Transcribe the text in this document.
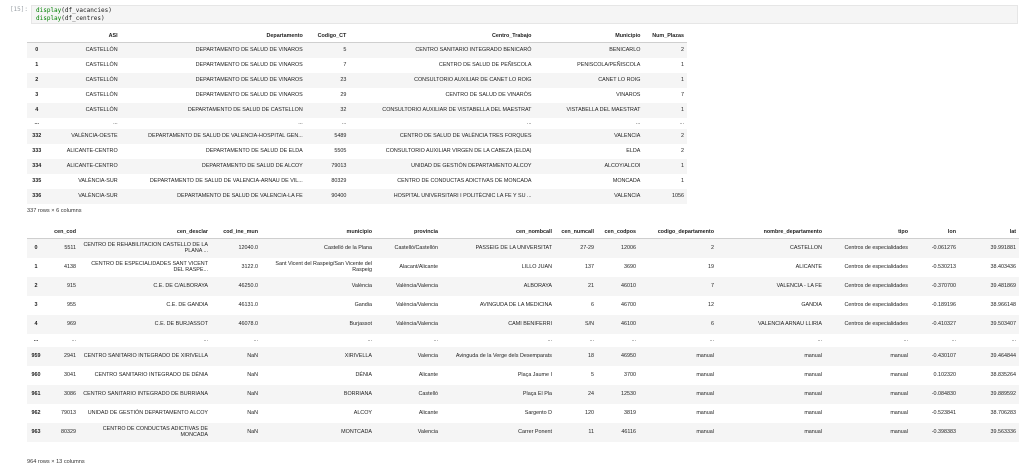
[15]: display(df_vacancies)
display(df_centres)
	ASI	Departamento	Codigo_CT	Centro_Trabajo	Municipio	Num_Plazas
0	CASTELLÓN	DEPARTAMENTO DE SALUD DE VINAROS	5	CENTRO SANITARIO INTEGRADO BENICARÓ	BENICARLO	2
1	CASTELLÓN	DEPARTAMENTO DE SALUD DE VINAROS	7	CENTRO DE SALUD DE PEÑISCOLA	PENISCOLA/PEÑISCOLA	1
2	CASTELLÓN	DEPARTAMENTO DE SALUD DE VINAROS	23	CONSULTORIO AUXILIAR DE CANET LO ROIG	CANET LO ROIG	1
3	CASTELLÓN	DEPARTAMENTO DE SALUD DE VINAROS	29	CENTRO DE SALUD DE VINARÒS	VINAROS	7
4	CASTELLÓN	DEPARTAMENTO DE SALUD DE CASTELLON	32	CONSULTORIO AUXILIAR DE VISTABELLA DEL MAESTRAT	VISTABELLA DEL MAESTRAT	1
...	...	...	...	...	...	...
332	VALÈNCIA-OESTE	DEPARTAMENTO DE SALUD DE VALENCIA-HOSPITAL GEN...	5489	CENTRO DE SALUD DE VALÈNCIA TRES FORQUES	VALENCIA	2
333	ALICANTE-CENTRO	DEPARTAMENTO DE SALUD DE ELDA	5505	CONSULTORIO AUXILIAR VIRGEN DE LA CABEZA (ELDA)	ELDA	2
334	ALICANTE-CENTRO	DEPARTAMENTO DE SALUD DE ALCOY	79013	UNIDAD DE GESTIÓN DEPARTAMENTO ALCOY	ALCOY/ALCOI	1
335	VALÈNCIA-SUR	DEPARTAMENTO DE SALUD DE VALENCIA-ARNAU DE VIL...	80329	CENTRO DE CONDUCTAS ADICTIVAS DE MONCADA	MONCADA	1
336	VALÈNCIA-SUR	DEPARTAMENTO DE SALUD DE VALENCIA-LA FE	90400	HOSPITAL UNIVERSITARI I POLITÈCNIC LA FE Y SU ...	VALENCIA	1056
337 rows × 6 columns
	cen_cod	cen_desclar	cod_ine_mun	municipio	provincia	cen_nombcall	cen_numcall	cen_codpos	codigo_departamento	nombre_departamento	tipo	lon	lat
0	5511	CENTRO DE REHABILITACION CASTELLO DE LA PLANA ...	12040.0	Castelló de la Plana	Castelló/Castellón	PASSEIG DE LA UNIVERSITAT	27-29	12006	2	CASTELLON	Centros de especialidades	-0.061276	39.991881
1	4138	CENTRO DE ESPECIALIDADES SANT VICENT DEL RASPE...	3122.0	Sant Vicent del Raspeig/San Vicente del Raspeig	Alacant/Alicante	LILLO JUAN	137	3690	19	ALICANTE	Centros de especialidades	-0.530213	38.403436
2	915	C.E. DE C/ALBORAYA	46250.0	València	València/Valencia	ALBORAYA	21	46010	7	VALENCIA - LA FE	Centros de especialidades	-0.370700	39.481869
3	955	C.E. DE GANDIA	46131.0	Gandia	València/Valencia	AVINGUDA DE LA MEDICINA	6	46700	12	GANDIA	Centros de especialidades	-0.189196	38.966148
4	969	C.E. DE BURJASSOT	46078.0	Burjassot	València/Valencia	CAMI BENIFERRI	S/N	46100	6	VALENCIA ARNAU LLIRIA	Centros de especialidades	-0.410327	39.503407
...	...	...	...	...	...	...	...	...	...	...	...	...	...
959	2941	CENTRO SANITARIO INTEGRADO DE XIRIVELLA	NaN	XIRIVELLA	Valencia	Avinguda de la Verge dels Desemparats	18	46950	manual	manual	manual	-0.430107	39.464844
960	3041	CENTRO SANITARIO INTEGRADO DE DÉNIA	NaN	DÉNIA	Alicante	Plaça Jaume I	5	3700	manual	manual	manual	0.102320	38.835264
961	3086	CENTRO SANITARIO INTEGRADO DE BURRIANA	NaN	BORRIANA	Castelló	Plaça El Pla	24	12530	manual	manual	manual	-0.084830	39.889592
962	79013	UNIDAD DE GESTIÓN DEPARTAMENTO ALCOY	NaN	ALCOY	Alicante	Sargento D	120	3819	manual	manual	manual	-0.523841	38.706283
963	80329	CENTRO DE CONDUCTAS ADICTIVAS DE MONCADA	NaN	MONTCADA	Valencia	Carrer Ponent	11	46116	manual	manual	manual	-0.398383	39.563336
964 rows × 13 columns
